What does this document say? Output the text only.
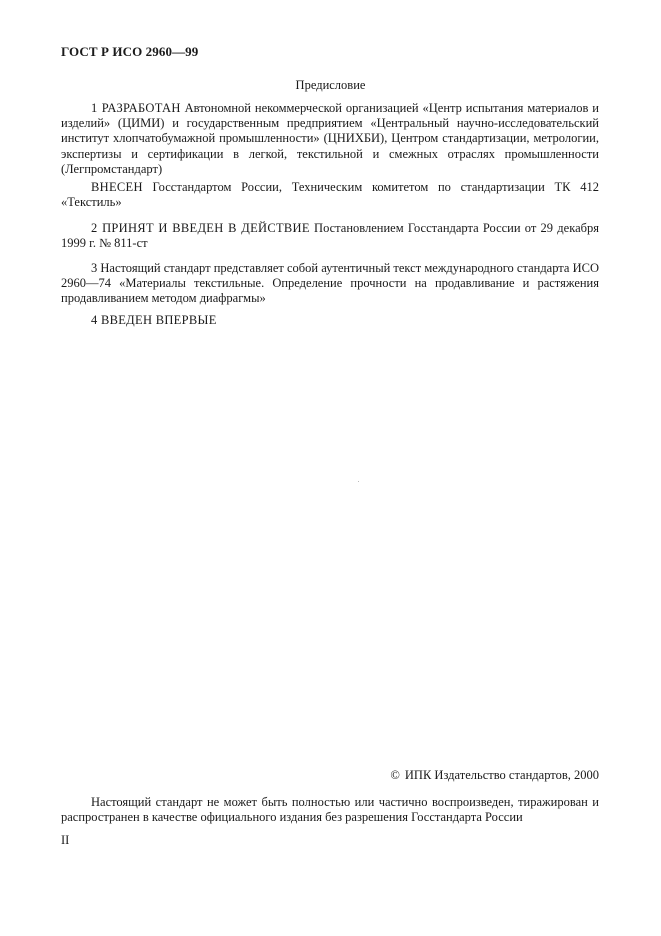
ГОСТ Р ИСО 2960—99
Предисловие

1 РАЗРАБОТАН Автономной некоммерческой организацией «Центр испытания материалов и изделий» (ЦИМИ) и государственным предприятием «Центральный научно-исследовательский институт хлопчатобумажной промышленности» (ЦНИХБИ), Центром стандартизации, метрологии, экспертизы и сертификации в легкой, текстильной и смежных отраслях промышленности (Легпромстандарт)

ВНЕСЕН Госстандартом России, Техническим комитетом по стандартизации ТК 412 «Текстиль»

2 ПРИНЯТ И ВВЕДЕН В ДЕЙСТВИЕ Постановлением Госстандарта России от 29 декабря 1999 г. № 811-ст

3 Настоящий стандарт представляет собой аутентичный текст международного стандарта ИСО 2960—74 «Материалы текстильные. Определение прочности на продавливание и растяжения продавливанием методом диафрагмы»

4 ВВЕДЕН ВПЕРВЫЕ

© ИПК Издательство стандартов, 2000

Настоящий стандарт не может быть полностью или частично воспроизведен, тиражирован и распространен в качестве официального издания без разрешения Госстандарта России

II
